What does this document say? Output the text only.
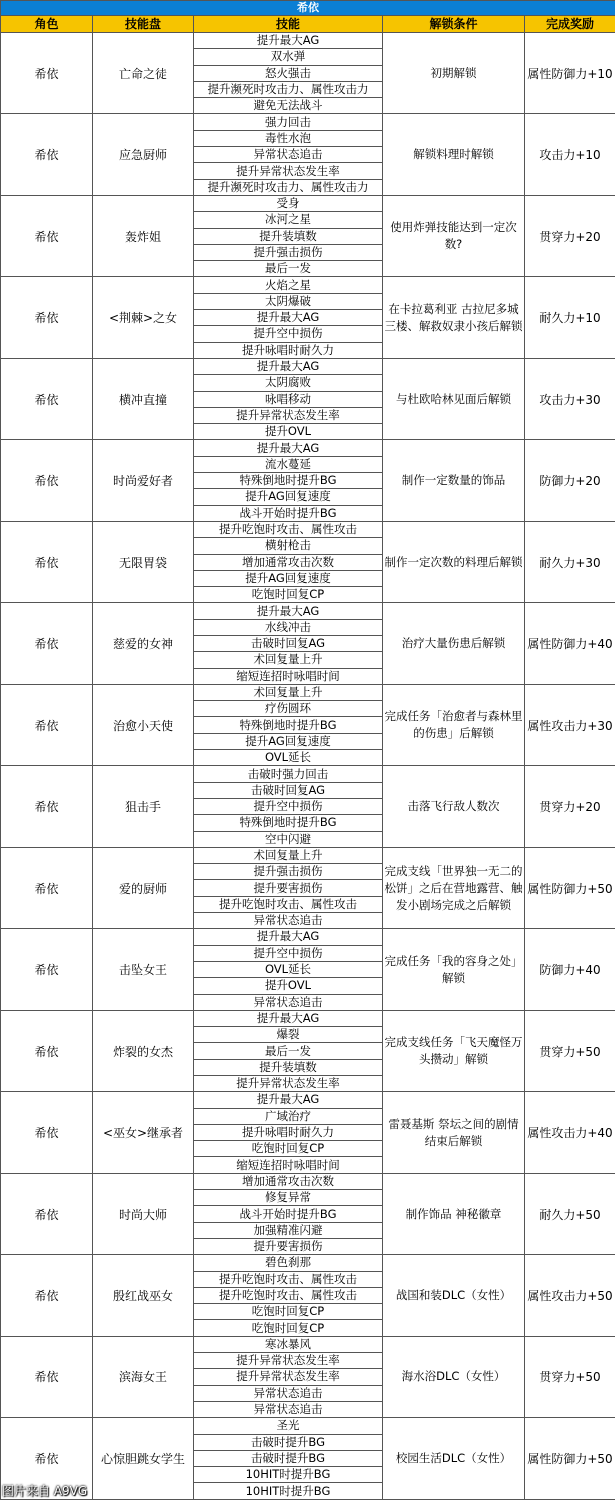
希依				
角色	技能盘	技能	解锁条件	完成奖励
希依	亡命之徒	提升最大AG	初期解锁	属性防御力+10
		双水弹		
		怒火强击		
		提升濒死时攻击力、属性攻击力		
		避免无法战斗		
希依	应急厨师	强力回击	解锁料理时解锁	攻击力+10
		毒性水泡		
		异常状态追击		
		提升异常状态发生率		
		提升濒死时攻击力、属性攻击力		
希依	轰炸姐	受身	使用炸弹技能达到一定次数?	贯穿力+20
		冰河之星		
		提升装填数		
		提升强击损伤		
		最后一发		
希依	<荆棘>之女	火焰之星	在卡拉葛利亚 古拉尼多城 三楼、解救奴隶小孩后解锁	耐久力+10
		太阴爆破		
		提升最大AG		
		提升空中损伤		
		提升咏唱时耐久力		
希依	横冲直撞	提升最大AG	与杜欧哈林见面后解锁	攻击力+30
		太阴腐败		
		咏唱移动		
		提升异常状态发生率		
		提升OVL		
希依	时尚爱好者	提升最大AG	制作一定数量的饰品	防御力+20
		流水蔓延		
		特殊倒地时提升BG		
		提升AG回复速度		
		战斗开始时提升BG		
希依	无限胃袋	提升吃饱时攻击、属性攻击	制作一定次数的料理后解锁	耐久力+30
		横射枪击		
		增加通常攻击次数		
		提升AG回复速度		
		吃饱时回复CP		
希依	慈爱的女神	提升最大AG	治疗大量伤患后解锁	属性防御力+40
		水线冲击		
		击破时回复AG		
		术回复量上升		
		缩短连招时咏唱时间		
希依	治愈小天使	术回复量上升	完成任务「治愈者与森林里的伤患」后解锁	属性攻击力+30
		疗伤圆环		
		特殊倒地时提升BG		
		提升AG回复速度		
		OVL延长		
希依	狙击手	击破时强力回击	击落飞行敌人数次	贯穿力+20
		击破时回复AG		
		提升空中损伤		
		特殊倒地时提升BG		
		空中闪避		
希依	爱的厨师	术回复量上升	完成支线「世界独一无二的松饼」之后在营地露营、触发小剧场完成之后解锁	属性防御力+50
		提升强击损伤		
		提升要害损伤		
		提升吃饱时攻击、属性攻击		
		异常状态追击		
希依	击坠女王	提升最大AG	完成任务「我的容身之处」解锁	防御力+40
		提升空中损伤		
		OVL延长		
		提升OVL		
		异常状态追击		
希依	炸裂的女杰	提升最大AG	完成支线任务「飞天魔怪万头攒动」解锁	贯穿力+50
		爆裂		
		最后一发		
		提升装填数		
		提升异常状态发生率		
希依	<巫女>继承者	提升最大AG	雷聂基斯 祭坛之间的剧情结束后解锁	属性攻击力+40
		广域治疗		
		提升咏唱时耐久力		
		吃饱时回复CP		
		缩短连招时咏唱时间		
希依	时尚大师	增加通常攻击次数	制作饰品 神秘徽章	耐久力+50
		修复异常		
		战斗开始时提升BG		
		加强精准闪避		
		提升要害损伤		
希依	殷红战巫女	碧色刹那	战国和装DLC（女性）	属性攻击力+50
		提升吃饱时攻击、属性攻击		
		提升吃饱时攻击、属性攻击		
		吃饱时回复CP		
		吃饱时回复CP		
希依	滨海女王	寒冰暴风	海水浴DLC（女性）	贯穿力+50
		提升异常状态发生率		
		提升异常状态发生率		
		异常状态追击		
		异常状态追击		
希依	心惊胆跳女学生	圣光	校园生活DLC（女性）	属性防御力+50
		击破时提升BG		
		击破时提升BG		
		10HIT时提升BG		
		10HIT时提升BG		
图片来自 A9VG
